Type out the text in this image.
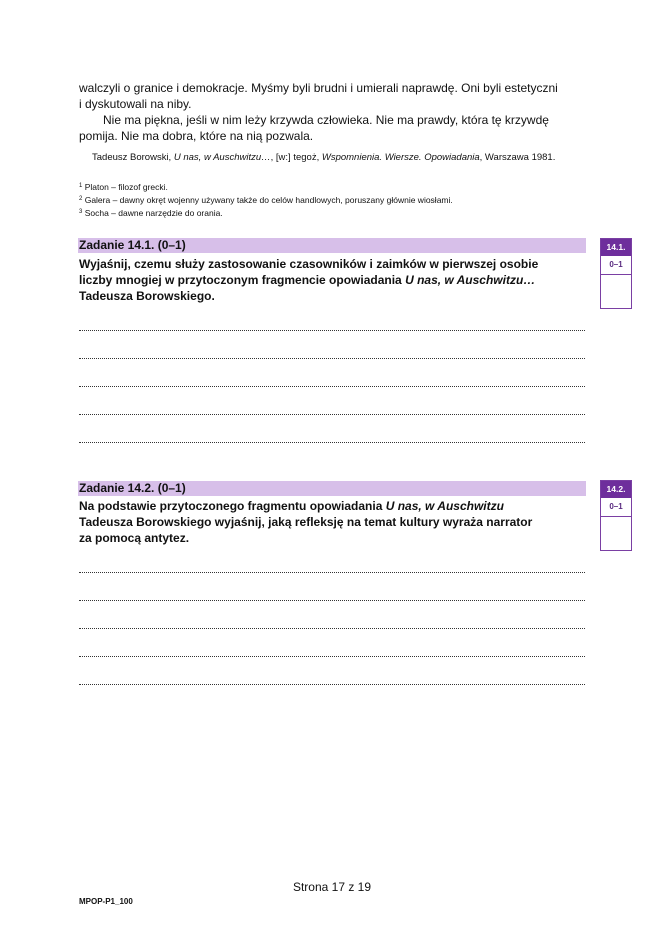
walczyli o granice i demokracje. Myśmy byli brudni i umierali naprawdę. Oni byli estetyczni
i dyskutowali na niby.
Nie ma piękna, jeśli w nim leży krzywda człowieka. Nie ma prawdy, która tę krzywdę
pomija. Nie ma dobra, które na nią pozwala.
Tadeusz Borowski, U nas, w Auschwitzu…, [w:] tegoż, Wspomnienia. Wiersze. Opowiadania, Warszawa 1981.
$^1$ Platon – filozof grecki.
$^2$ Galera – dawny okręt wojenny używany także do celów handlowych, poruszany głównie wiosłami.
$^3$ Socha – dawne narzędzie do orania.
Zadanie 14.1. (0–1)
Wyjaśnij, czemu służy zastosowanie czasowników i zaimków w pierwszej osobie
liczby mnogiej w przytoczonym fragmencie opowiadania U nas, w Auschwitzu…
Tadeusza Borowskiego.
14.1.
0–1
Zadanie 14.2. (0–1)
Na podstawie przytoczonego fragmentu opowiadania U nas, w Auschwitzu
Tadeusza Borowskiego wyjaśnij, jaką refleksję na temat kultury wyraża narrator
za pomocą antytez.
14.2.
0–1
Strona 17 z 19
MPOP-P1_100
